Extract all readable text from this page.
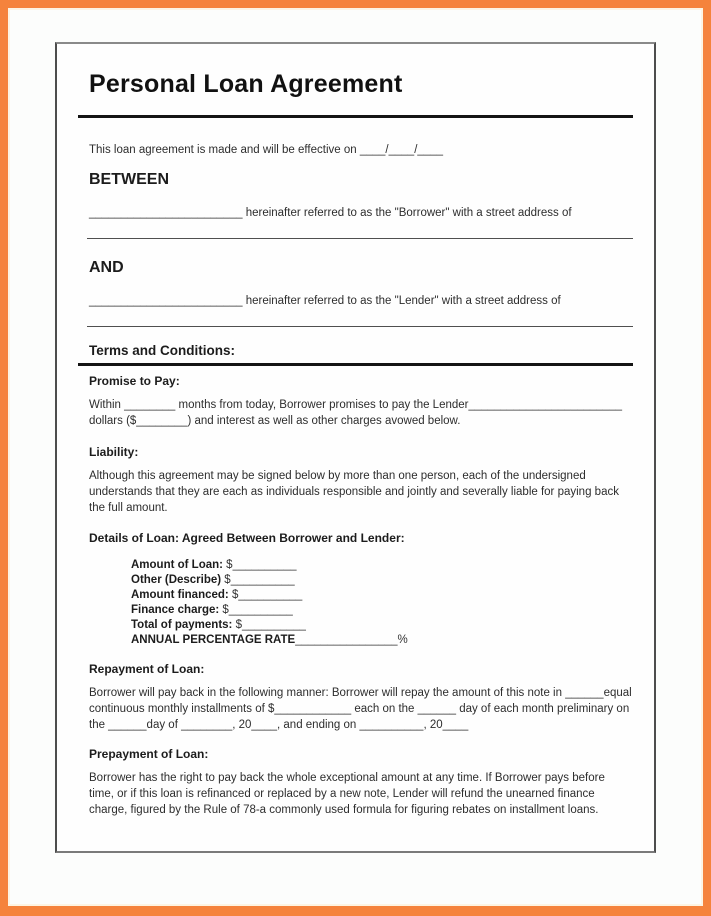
Personal Loan Agreement
This loan agreement is made and will be effective on ____/____/____
BETWEEN
________________________ hereinafter referred to as the "Borrower" with a street address of
AND
________________________ hereinafter referred to as the "Lender" with a street address of
Terms and Conditions:
Promise to Pay:
Within ________ months from today, Borrower promises to pay the Lender________________________
dollars ($________) and interest as well as other charges avowed below.
Liability:
Although this agreement may be signed below by more than one person, each of the undersigned
understands that they are each as individuals responsible and jointly and severally liable for paying back
the full amount.
Details of Loan: Agreed Between Borrower and Lender:
Amount of Loan: $__________
Other (Describe) $__________
Amount financed: $__________
Finance charge: $__________
Total of payments: $__________
ANNUAL PERCENTAGE RATE________________%
Repayment of Loan:
Borrower will pay back in the following manner: Borrower will repay the amount of this note in ______equal
continuous monthly installments of $____________ each on the ______ day of each month preliminary on
the ______day of ________, 20____, and ending on __________, 20____
Prepayment of Loan:
Borrower has the right to pay back the whole exceptional amount at any time. If Borrower pays before
time, or if this loan is refinanced or replaced by a new note, Lender will refund the unearned finance
charge, figured by the Rule of 78-a commonly used formula for figuring rebates on installment loans.
